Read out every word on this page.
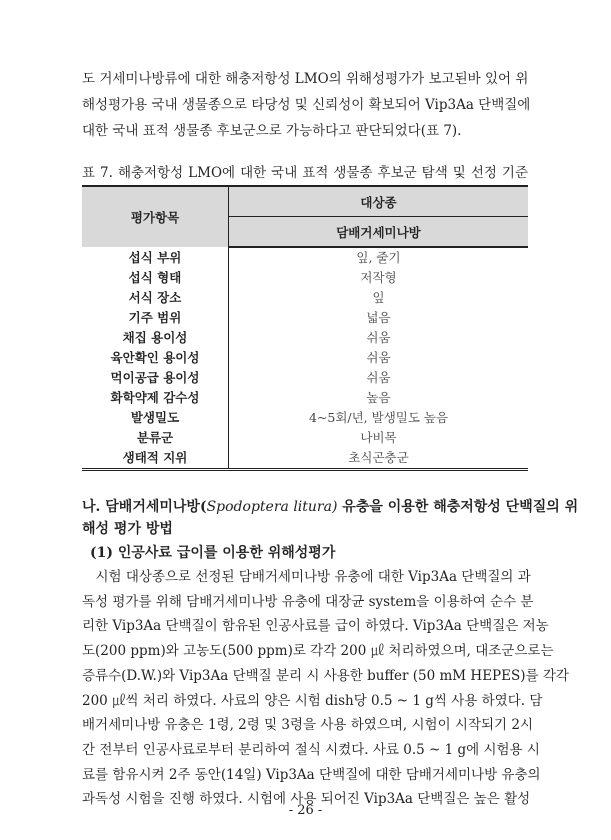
도 거세미나방류에 대한 해충저항성 LMO의 위해성평가가 보고된바 있어 위
해성평가용 국내 생물종으로 타당성 및 신뢰성이 확보되어 Vip3Aa 단백질에
대한 국내 표적 생물종 후보군으로 가능하다고 판단되었다(표 7).
표 7. 해충저항성 LMO에 대한 국내 표적 생물종 후보군 탐색 및 선정 기준
평가항목	대상종
	담배거세미나방
섭식 부위	잎, 줄기
섭식 형태	저작형
서식 장소	잎
기주 범위	넓음
채집 용이성	쉬움
육안확인 용이성	쉬움
먹이공급 용이성	쉬움
화학약제 감수성	높음
발생밀도	4~5회/년, 발생밀도 높음
분류군	나비목
생태적 지위	초식곤충군
나. 담배거세미나방(Spodoptera litura) 유충을 이용한 해충저항성 단백질의 위
해성 평가 방법
(1) 인공사료 급이를 이용한 위해성평가
　시험 대상종으로 선정된 담배거세미나방 유충에 대한 Vip3Aa 단백질의 과
독성 평가를 위해 담배거세미나방 유충에 대장균 system을 이용하여 순수 분
리한 Vip3Aa 단백질이 함유된 인공사료를 급이 하였다. Vip3Aa 단백질은 저농
도(200 ppm)와 고농도(500 ppm)로 각각 200 ㎕ 처리하였으며, 대조군으로는
증류수(D.W.)와 Vip3Aa 단백질 분리 시 사용한 buffer (50 mM HEPES)를 각각
200 ㎕씩 처리 하였다. 사료의 양은 시험 dish당 0.5 ~ 1 g씩 사용 하였다. 담
배거세미나방 유충은 1령, 2령 및 3령을 사용 하였으며, 시험이 시작되기 2시
간 전부터 인공사료로부터 분리하여 절식 시켰다. 사료 0.5 ~ 1 g에 시험용 시
료를 함유시켜 2주 동안(14일) Vip3Aa 단백질에 대한 담배거세미나방 유충의
과독성 시험을 진행 하였다. 시험에 사용 되어진 Vip3Aa 단백질은 높은 활성
- 26 -
